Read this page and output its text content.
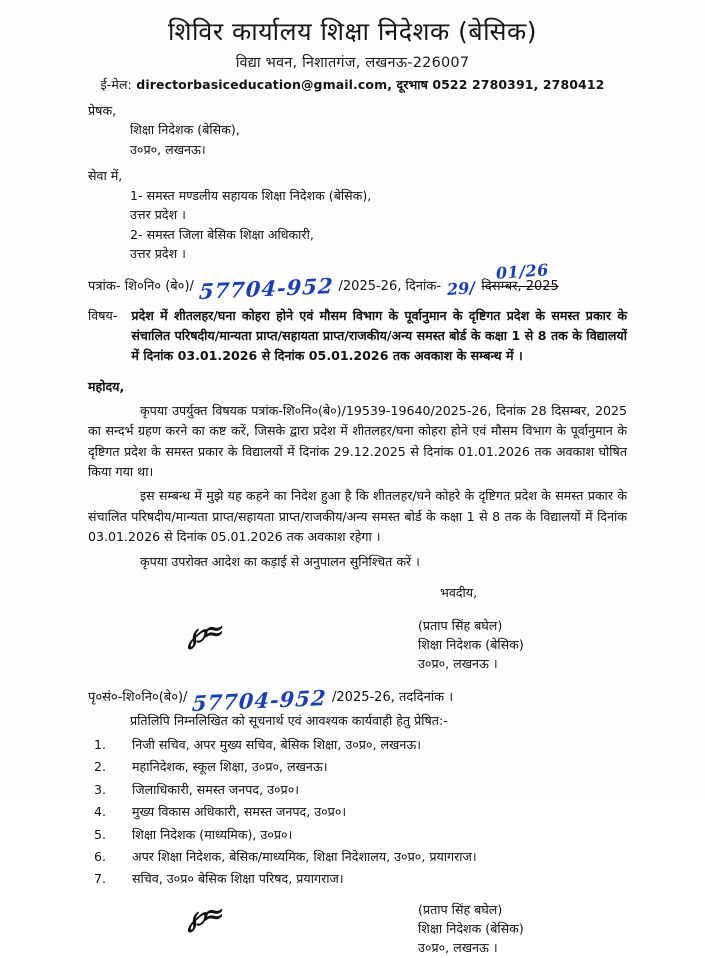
शिविर कार्यालय शिक्षा निदेशक (बेसिक)
विद्या भवन, निशातगंज, लखनऊ-226007
ई-मेल: directorbasiceducation@gmail.com, दूरभाष 0522 2780391, 2780412
प्रेषक,
शिक्षा निदेशक (बेसिक),
उ०प्र०, लखनऊ।
सेवा में,
1- समस्त मण्डलीय सहायक शिक्षा निदेशक (बेसिक),
उत्तर प्रदेश ।
2- समस्त जिला बेसिक शिक्षा अधिकारी,
उत्तर प्रदेश ।
पत्रांक-
शि०नि० (बे०)/ 57704-952 /2025-26, दिनांक-
29/
दिसम्बर, 2025
01/26
विषय-	प्रदेश में शीतलहर/घना कोहरा होने एवं मौसम विभाग के पूर्वानुमान के दृष्टिगत प्रदेश के समस्त प्रकार के संचालित परिषदीय/मान्यता प्राप्त/सहायता प्राप्त/राजकीय/अन्य समस्त बोर्ड के कक्षा 1 से 8 तक के विद्यालयों में दिनांक 03.01.2026 से दिनांक 05.01.2026 तक अवकाश के सम्बन्ध में ।
महोदय,
कृपया उपर्युक्त विषयक पत्रांक-शि०नि०(बे०)/19539-19640/2025-26, दिनांक 28 दिसम्बर, 2025 का सन्दर्भ ग्रहण करने का कष्ट करें, जिसके द्वारा प्रदेश में शीतलहर/घना कोहरा होने एवं मौसम विभाग के पूर्वानुमान के दृष्टिगत प्रदेश के समस्त प्रकार के विद्यालयों में दिनांक 29.12.2025 से दिनांक 01.01.2026 तक अवकाश घोषित किया गया था।
इस सम्बन्ध में मुझे यह कहने का निदेश हुआ है कि शीतलहर/घने कोहरे के दृष्टिगत प्रदेश के समस्त प्रकार के संचालित परिषदीय/मान्यता प्राप्त/सहायता प्राप्त/राजकीय/अन्य समस्त बोर्ड के कक्षा 1 से 8 तक के विद्यालयों में दिनांक 03.01.2026 से दिनांक 05.01.2026 तक अवकाश रहेगा ।
कृपया उपरोक्त आदेश का कड़ाई से अनुपालन सुनिश्चित करें ।
भवदीय,
(प्रताप सिंह बघेल)
शिक्षा निदेशक (बेसिक)
उ०प्र०, लखनऊ ।
℘≈
पृ०सं०- शि०नि०(बे०)/ 57704-952 /2025-26, तददिनांक ।
प्रतिलिपि निम्नलिखित को सूचनार्थ एवं आवश्यक कार्यवाही हेतु प्रेषित:-
1.	निजी सचिव, अपर मुख्य सचिव, बेसिक शिक्षा, उ०प्र०, लखनऊ।
2.	महानिदेशक, स्कूल शिक्षा, उ०प्र०, लखनऊ।
3.	जिलाधिकारी, समस्त जनपद, उ०प्र०।
4.	मुख्य विकास अधिकारी, समस्त जनपद, उ०प्र०।
5.	शिक्षा निदेशक (माध्यमिक), उ०प्र०।
6.	अपर शिक्षा निदेशक, बेसिक/माध्यमिक, शिक्षा निदेशालय, उ०प्र०, प्रयागराज।
7.	सचिव, उ०प्र० बेसिक शिक्षा परिषद, प्रयागराज।
(प्रताप सिंह बघेल)
शिक्षा निदेशक (बेसिक)
उ०प्र०, लखनऊ ।
℘≈
